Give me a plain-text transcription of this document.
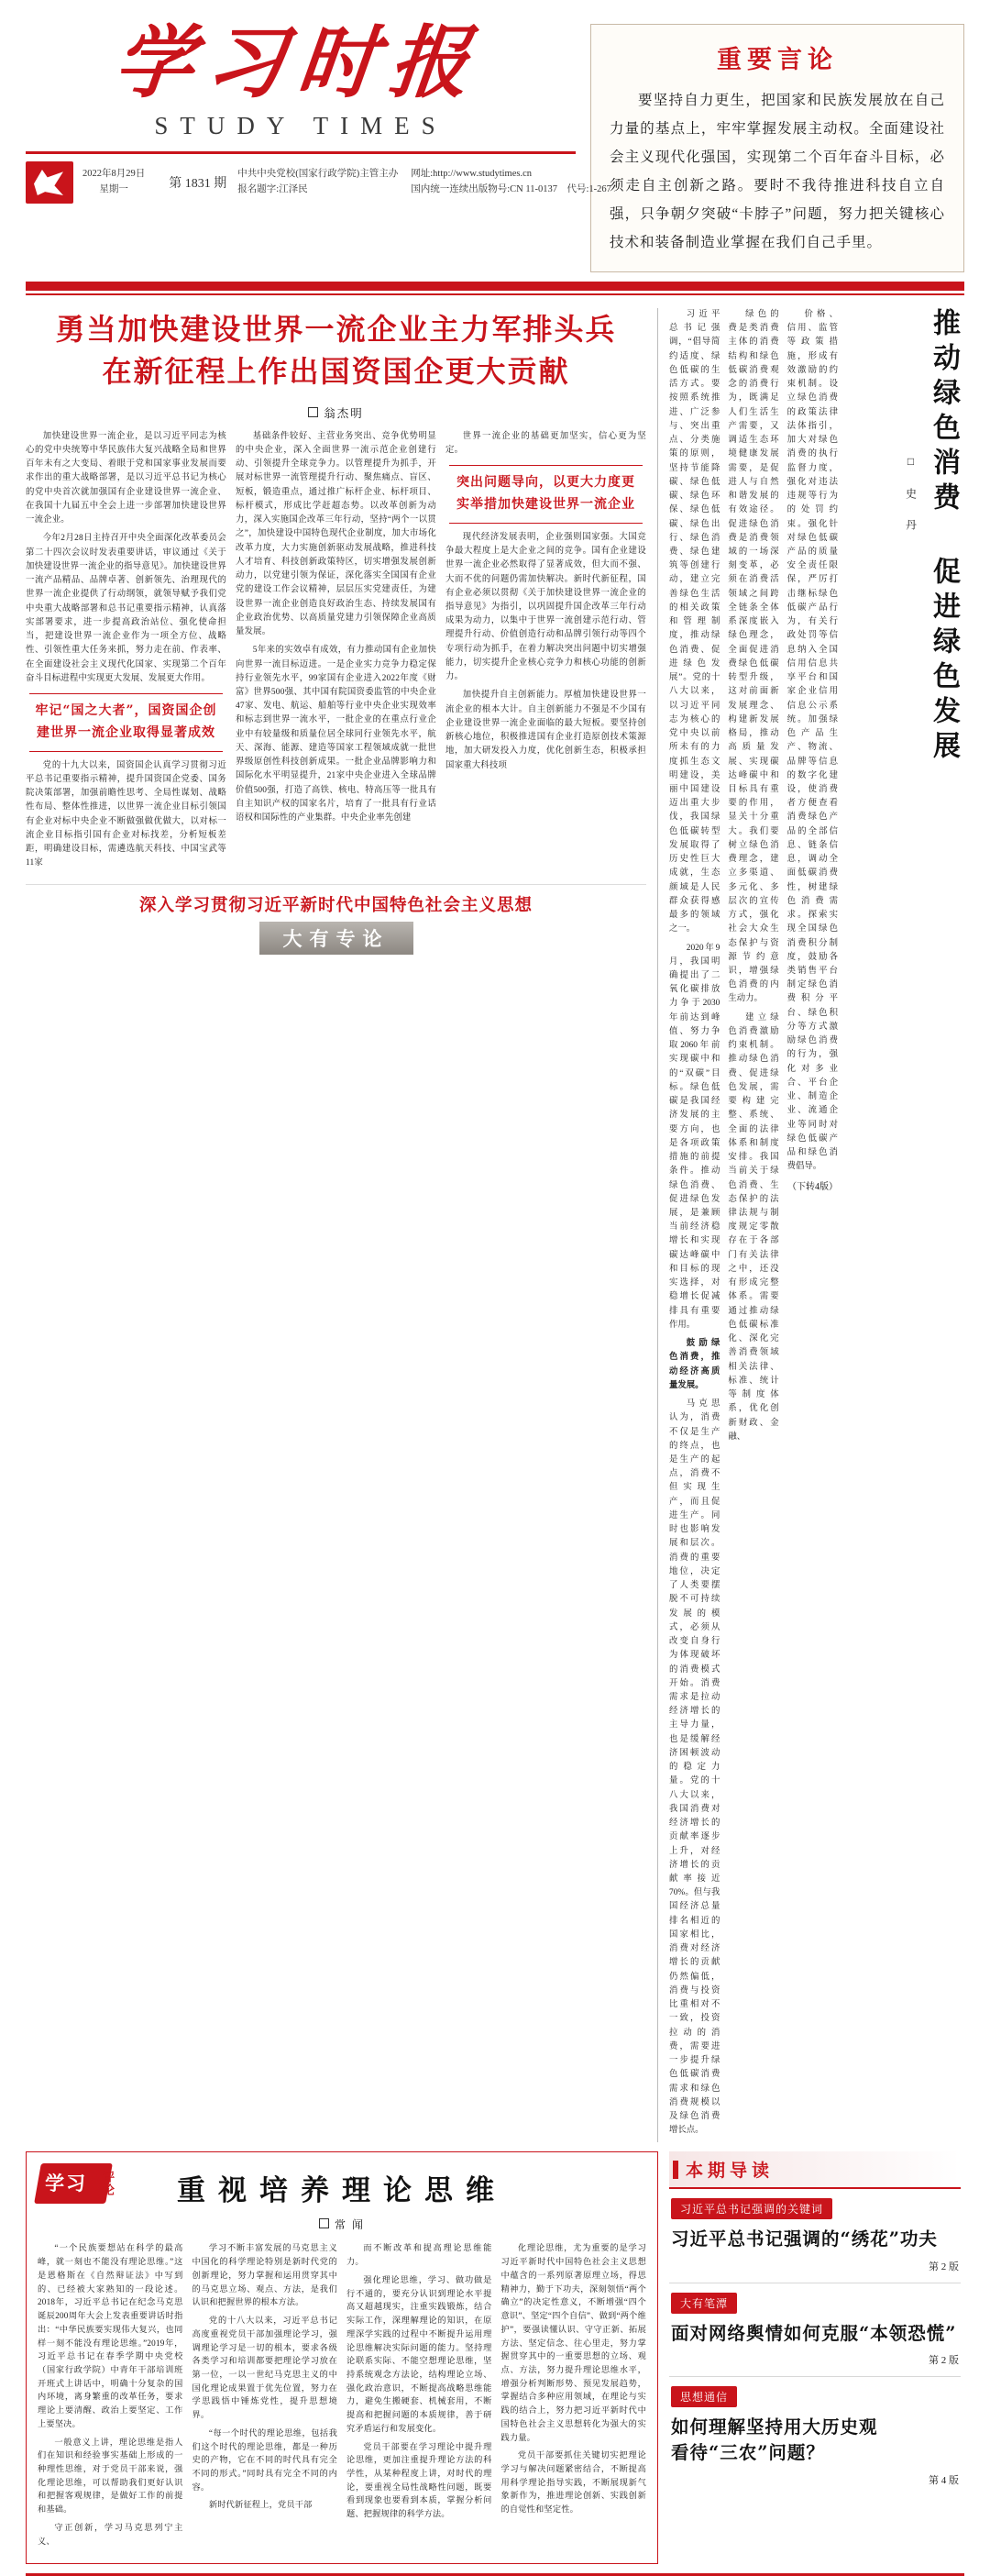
学习时报
STUDY TIMES
2022年8月29日
星期一	第 1831 期
中共中央党校(国家行政学院)主管主办
报名题字:江泽民
网址:http://www.studytimes.cn
国内统一连续出版物号:CN 11-0137 代号:1-267
重要言论
要坚持自力更生，把国家和民族发展放在自己力量的基点上，牢牢掌握发展主动权。全面建设社会主义现代化强国，实现第二个百年奋斗目标，必须走自主创新之路。要时不我待推进科技自立自强，只争朝夕突破“卡脖子”问题，努力把关键核心技术和装备制造业掌握在我们自己手里。
勇当加快建设世界一流企业主力军排头兵
在新征程上作出国资国企更大贡献
翁杰明

加快建设世界一流企业，是以习近平同志为核心的党中央统筹中华民族伟大复兴战略全局和世界百年未有之大变局、着眼于党和国家事业发展而要求作出的重大战略部署，是以习近平总书记为核心的党中央首次就加强国有企业建设世界一流企业、在我国十九届五中全会上进一步部署加快建设世界一流企业。

今年2月28日主持召开中央全面深化改革委员会第二十四次会议时发表重要讲话，审议通过《关于加快建设世界一流企业的指导意见》。加快建设世界一流产品精品、品牌卓著、创新领先、治理现代的世界一流企业提供了行动纲领，就领导赋予我们党中央重大战略部署和总书记重要指示精神，认真落实部署要求，进一步提高政治站位、强化使命担当，把建设世界一流企业作为一项全方位、战略性、引领性重大任务来抓，努力走在前、作表率、在全面建设社会主义现代化国家、实现第二个百年奋斗目标进程中实现更大发展、发展更大作用。

牢记“国之大者”，国资国企创建世界一流企业取得显著成效

党的十九大以来，国资国企认真学习贯彻习近平总书记重要指示精神，提升国资国企党委、国务院决策部署，加强前瞻性思考、全局性谋划、战略性布局、整体性推进，以世界一流企业目标引领国有企业对标中央企业不断做强做优做大，以对标一流企业目标指引国有企业对标找差，分析短板差距，明确建设目标，需遴选航天科技、中国宝武等11家

基础条件较好、主营业务突出、竞争优势明显的中央企业，深入全面世界一流示范企业创建行动、引领提升全球竞争力。以管理提升为抓手，开展对标世界一流管理提升行动、聚焦痛点、盲区、短板，锻造重点，通过推广标杆企业、标杆项目、标杆模式，形成比学赶超态势。以改革创新为动力，深入实施国企改革三年行动，坚持“两个一以贯之”，加快建设中国特色现代企业制度，加大市场化改革力度，大力实施创新驱动发展战略，推进科技人才培育、科技创新政策特区，切实增强发展创新动力，以党建引领为保证，深化落实全国国有企业党的建设工作会议精神，层层压实党建责任，为建设世界一流企业创造良好政治生态、持续发展国有企业政治优势、以高质量党建力引领保障企业高质量发展。

5年来的实效卓有成效，有力推动国有企业加快向世界一流目标迈进。一是企业实力竞争力稳定保持行业领先水平，99家国有企业进入2022年度《财富》世界500强、其中国有院国资委监管的中央企业47家、发电、航运、船舶等行业中央企业实现效率和标志到世界一流水平，一批企业的在重点行业企业中有较量级和质量位居全球同行业领先水平，航天、深海、能源、建造等国家工程领域成就一批世界级原创性科技创新成果。一批企业品牌影响力和国际化水平明显提升，21家中央企业进入全球品牌价值500强，打造了高铁、核电、特高压等一批具有自主知识产权的国家名片，培育了一批具有行业话语权和国际性的产业集群。中央企业率先创建

世界一流企业的基础更加坚实，信心更为坚定。

突出问题导向，以更大力度更实举措加快建设世界一流企业

现代经济发展表明，企业强则国家强。大国竞争最大程度上是大企业之间的竞争。国有企业建设世界一流企业必然取得了显著成效，但大而不强、大而不优的问题仍需加快解决。新时代新征程，国有企业必须以贯彻《关于加快建设世界一流企业的指导意见》为指引，以巩固提升国企改革三年行动成果为动力，以集中于世界一流创建示范行动、管理提升行动、价值创造行动和品牌引领行动等四个专项行动为抓手，在着力解决突出问题中切实增强能力，切实提升企业核心竞争力和核心功能的创新力。

加快提升自主创新能力。厚植加快建设世界一流企业的根本大计。自主创新能力不强是不少国有企业建设世界一流企业面临的最大短板。要坚持创新核心地位，积极推进国有企业打造原创技术策源地，加大研发投入力度，优化创新生态，积极承担国家重大科技项

深入学习贯彻习近平新时代中国特色社会主义思想
大有专论

习近平总书记强调，“倡导简约适度、绿色低碳的生活方式。要按照系统推进、广泛参与、突出重点、分类施策的原则，坚持节能降碳、绿色低碳、绿色环保、绿色低碳、绿色出行、绿色消费、绿色建筑等创建行动，建立完善绿色生活的相关政策和管理制度，推动绿色消费、促进绿色发展”。党的十八大以来，以习近平同志为核心的党中央以前所未有的力度抓生态文明建设，美丽中国建设迈出重大步伐，我国绿色低碳转型发展取得了历史性巨大成就，生态颜域是人民群众获得感最多的领域之一。

2020年9月，我国明确提出了二氧化碳排放力争于2030年前达到峰值、努力争取2060年前实现碳中和的“双碳”目标。绿色低碳是我国经济发展的主要方向，也是各项政策措施的前提条件。推动绿色消费、促进绿色发展，是兼顾当前经济稳增长和实现碳达峰碳中和目标的现实选择，对稳增长促减排具有重要作用。

鼓励绿色消费，推动经济高质量发展。

马克思认为，消费不仅是生产的终点，也是生产的起点，消费不但实现生产，而且促进生产。同时也影响发展和层次。消费的重要地位，决定了人类要摆脱不可持续发展的模式，必须从改变自身行为体现破坏的消费模式开始。消费需求是拉动经济增长的主导力量，也是缓解经济困顿波动的稳定力量。党的十八大以来，我国消费对经济增长的贡献率逐步上升，对经济增长的贡献率接近70%。但与我国经济总量排名相近的国家相比，消费对经济增长的贡献仍然偏低，消费与投资比重相对不一致，投资拉动的消费，需要进一步提升绿色低碳消费需求和绿色消费规模以及绿色消费增长点。

绿色的费是类消费主体的消费结构和绿色低碳消费观念的消费行为，既满足人们生活生产需要，又调适生态环境健康发展需要，是促进人与自然和谐发展的有效途径。促进绿色消费是消费领域的一场深刻变革，必须在消费活领域之间跨全链条全体系深度嵌入绿色理念，全面促进消费绿色低碳转型升级，这对前面新发展理念、构建新发展格局，推动高质量发展、实现碳达峰碳中和目标具有重要的作用，显关十分重大。我们要树立绿色消费理念，建立多渠道、多元化、多层次的宣传方式，强化社会大众生态保护与资源节约意识，增强绿色消费的内生动力。

建立绿色消费激励约束机制。推动绿色消费、促进绿色发展，需要构建完整、系统、全面的法律体系和制度安排。我国当前关于绿色消费、生态保护的法律法规与制度规定零散存在于各部门有关法律之中，还没有形成完整体系。需要通过推动绿色低碳标准化、深化完善消费领域相关法律、标准、统计等制度体系，优化创新财政、金融、

价格、信用、监管等政策措施，形成有效激励的约束机制。设立绿色消费的政策法律法体指引，加大对绿色消费的执行监督力度，强化对违法违规等行为的处罚约束。强化针对绿色低碳产品的质量安全责任限保，严厉打击继标绿色低碳产品行为，有关行政处罚等信息纳入全国信用信息共享平台和国家企业信用信息公示系统。加强绿色产品生产、物流、品牌等信息的数字化建设，使消费者方便查看消费绿色产品的全部信息、链条信息，调动全面低碳消费性，树建绿色消费需求。探索实现全国绿色消费积分制度，鼓励各类销售平台制定绿色消费积分平台、绿色积分等方式激励绿色消费的行为，强化对多业合、平台企业、制造企业、流通企业等同时对绿色低碳产品和绿色消费倡导。

（下转4版）
推动绿色消费 促进绿色发展
□ 史 丹
学习	评论	重视培养理论思维
常 闻

“一个民族要想站在科学的最高峰，就一刻也不能没有理论思维。”这是恩格斯在《自然辩证法》中写到的、已经被大家熟知的一段论述。2018年，习近平总书记在纪念马克思诞辰200周年大会上发表重要讲话时指出：“中华民族要实现伟大复兴，也同样一刻不能没有理论思维。”2019年，习近平总书记在春季学期中央党校（国家行政学院）中青年干部培训班开班式上讲话中，明确十分复杂的国内环境，离身繁重的改革任务，要求理论上要清醒、政治上要坚定、工作上要坚决。

一般意义上讲，理论思维是指人们在知识和经验事实基础上形成的一种理性思维，对于党员干部来说，强化理论思维，可以帮助我们更好认识和把握客观规律，是做好工作的前提和基础。

守正创新，学习马克思列宁主义、

学习不断丰富发展的马克思主义中国化的科学理论特别是新时代党的创新理论，努力掌握和运用贯穿其中的马克思立场、观点、方法，是我们认识和把握世界的根本方法。

党的十八大以来，习近平总书记高度重视党员干部加强理论学习，强调理论学习是一切的根本，要求各级各类学习和培训都要把理论学习放在第一位，一以一世纪马克思主义的中国化理论成果置于优先位置，努力在学思践悟中锤炼党性，提升思想境界。

“每一个时代的理论思维，包括我们这个时代的理论思维，都是一种历史的产物，它在不同的时代具有完全不同的形式。”同时具有完全不同的内容。

新时代新征程上，党员干部

而不断改革和提高理论思维能力。

强化理论思维，学习、做功做是行不通的，要充分认识到理论水平提高又超越现实，注重实践锻炼，结合实际工作，深理解理论的知识，在原理深学实践的过程中不断提升运用理论思维解决实际问题的能力。坚持理论联系实际、不能空想理论思维，坚持系统观念方法论，结构理论立场、强化政治意识，不断提高战略思维能力，避免生搬硬套、机械套用，不断提高和把握问题的本质规律，善于研究矛盾运行和发展变化。

党员干部要在学习理论中提升理论思维，更加注重提升理论方法的科学性，从某种程度上讲，对时代的理论，要重视全局性战略性问题，既要看到现象也要看到本质，掌握分析问题、把握规律的科学方法。

化理论思维，尤为重要的是学习习近平新时代中国特色社会主义思想中蕴含的一系列原著原理立场，得思精神力，勤于下功夫，深刻领悟“两个确立”的决定性意义，不断增强“四个意识”、坚定“四个自信”、做到“两个维护”，要强读懂认识、守守正新、拓展方法、坚定信念、往心里走，努力掌握贯穿其中的一重要思想的立场、观点、方法，努力提升理论思维水平，增强分析判断形势、预见发展趋势，掌握结合多种应用领域，在理论与实践的结合上，努力把习近平新时代中国特色社会主义思想转化为强大的实践力量。

党员干部要抓住关键切实把理论学习与解决问题紧密结合，不断提高用科学理论指导实践，不断展现新气象新作为，推进理论创新、实践创新的自觉性和坚定性。

本期导读
习近平总书记强调的关键词
习近平总书记强调的“绣花”功夫
第 2 版
大有笔潭
面对网络舆情如何克服“本领恐慌”
第 2 版
思想通信
如何理解坚持用大历史观
看待“三农”问题？
第 4 版
